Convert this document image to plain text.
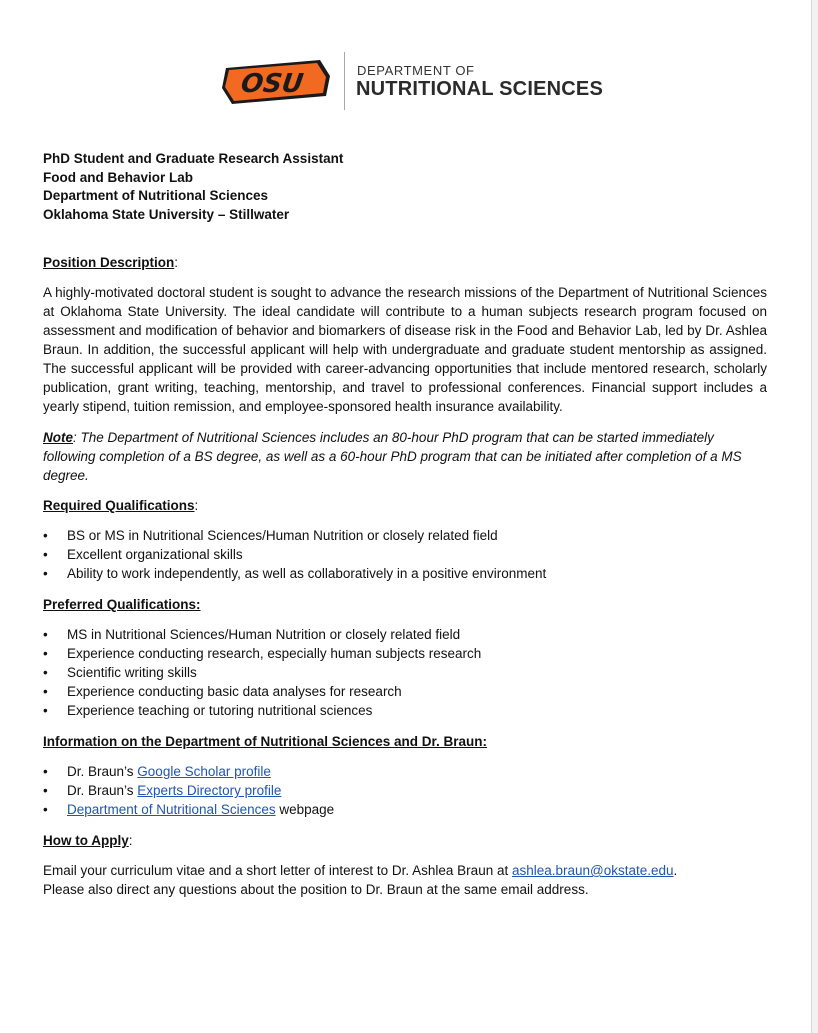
OSU	DEPARTMENT OF
NUTRITIONAL SCIENCES
PhD Student and Graduate Research Assistant
Food and Behavior Lab
Department of Nutritional Sciences
Oklahoma State University – Stillwater

Position Description:

A highly-motivated doctoral student is sought to advance the research missions of the Department of Nutritional Sciences at Oklahoma State University. The ideal candidate will contribute to a human subjects research program focused on assessment and modification of behavior and biomarkers of disease risk in the Food and Behavior Lab, led by Dr. Ashlea Braun. In addition, the successful applicant will help with undergraduate and graduate student mentorship as assigned. The successful applicant will be provided with career-advancing opportunities that include mentored research, scholarly publication, grant writing, teaching, mentorship, and travel to professional conferences. Financial support includes a yearly stipend, tuition remission, and employee-sponsored health insurance availability.

Note: The Department of Nutritional Sciences includes an 80-hour PhD program that can be started immediately following completion of a BS degree, as well as a 60-hour PhD program that can be initiated after completion of a MS degree.

Required Qualifications:

• BS or MS in Nutritional Sciences/Human Nutrition or closely related field
• Excellent organizational skills
• Ability to work independently, as well as collaboratively in a positive environment

Preferred Qualifications:

• MS in Nutritional Sciences/Human Nutrition or closely related field
• Experience conducting research, especially human subjects research
• Scientific writing skills
• Experience conducting basic data analyses for research
• Experience teaching or tutoring nutritional sciences

Information on the Department of Nutritional Sciences and Dr. Braun:

• Dr. Braun’s Google Scholar profile
• Dr. Braun’s Experts Directory profile
• Department of Nutritional Sciences webpage

How to Apply:

Email your curriculum vitae and a short letter of interest to Dr. Ashlea Braun at ashlea.braun@okstate.edu.

Please also direct any questions about the position to Dr. Braun at the same email address.
